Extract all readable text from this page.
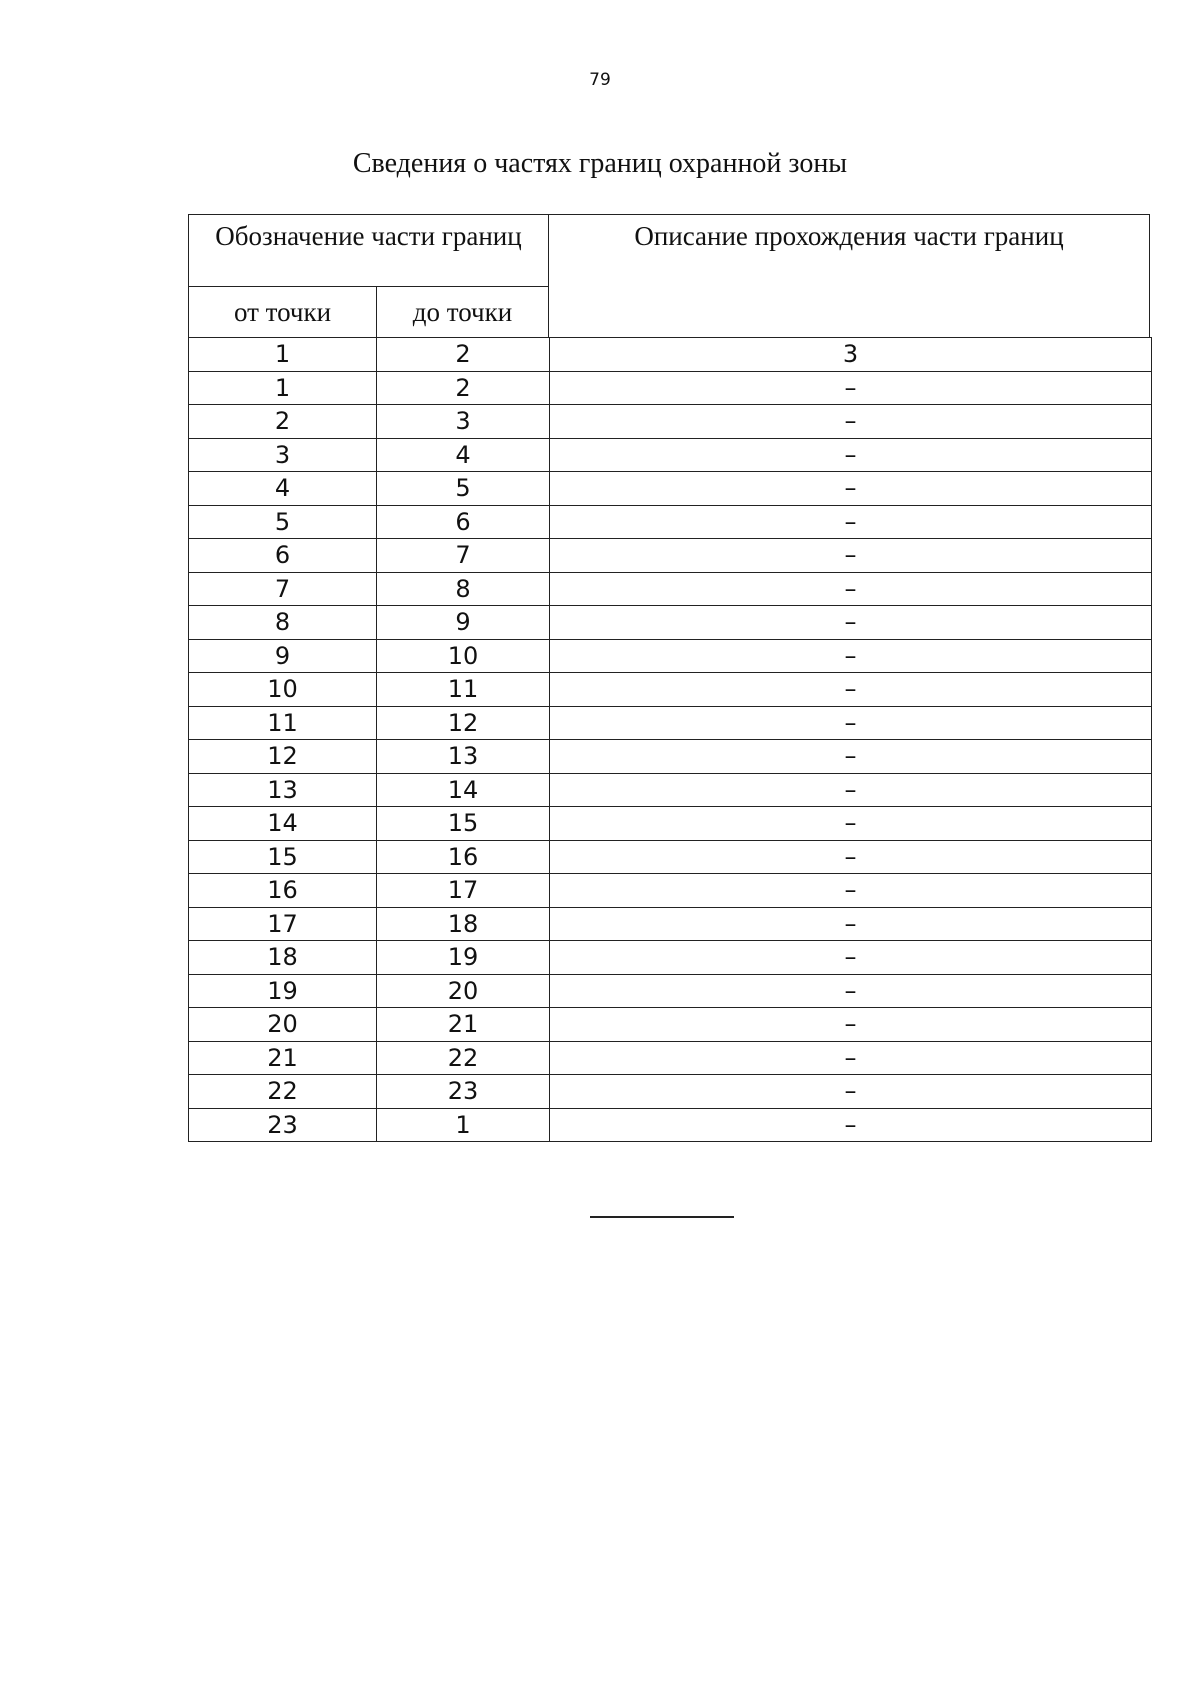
79
Сведения о частях границ охранной зоны
Обозначение части границ		Описание прохождения части границ
от точки	до точки	
1	2	3
1	2	–
2	3	–
3	4	–
4	5	–
5	6	–
6	7	–
7	8	–
8	9	–
9	10	–
10	11	–
11	12	–
12	13	–
13	14	–
14	15	–
15	16	–
16	17	–
17	18	–
18	19	–
19	20	–
20	21	–
21	22	–
22	23	–
23	1	–
